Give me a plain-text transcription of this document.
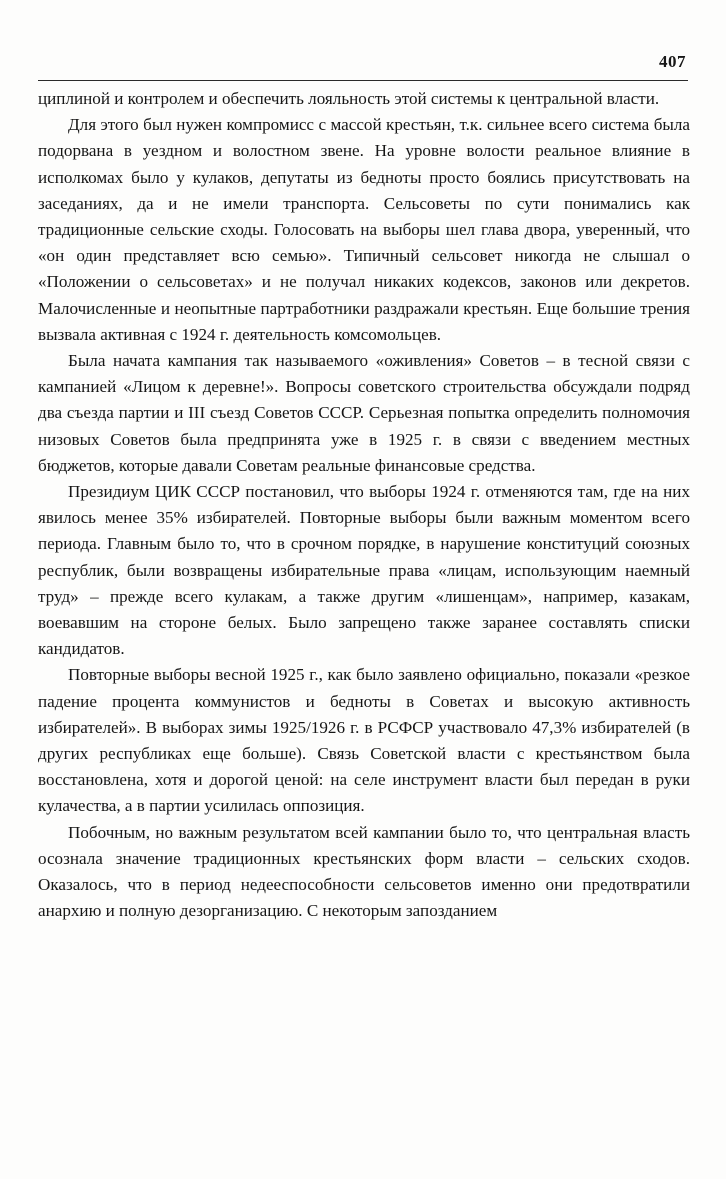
407

циплиной и контролем и обеспечить лояльность этой системы к центральной власти.

Для этого был нужен компромисс с массой крестьян, т.к. сильнее всего система была подорвана в уездном и волостном звене. На уровне волости реальное влияние в исполкомах было у кулаков, депутаты из бедноты просто боялись присутствовать на заседаниях, да и не имели транспорта. Сельсоветы по сути понимались как традиционные сельские сходы. Голосовать на выборы шел глава двора, уверенный, что «он один представляет всю семью». Типичный сельсовет никогда не слышал о «Положении о сельсоветах» и не получал никаких кодексов, законов или декретов. Малочисленные и неопытные партработники раздражали крестьян. Еще большие трения вызвала активная с 1924 г. деятельность комсомольцев.

Была начата кампания так называемого «оживления» Советов – в тесной связи с кампанией «Лицом к деревне!». Вопросы советского строительства обсуждали подряд два съезда партии и III съезд Советов СССР. Серьезная попытка определить полномочия низовых Советов была предпринята уже в 1925 г. в связи с введением местных бюджетов, которые давали Советам реальные финансовые средства.

Президиум ЦИК СССР постановил, что выборы 1924 г. отменяются там, где на них явилось менее 35% избирателей. Повторные выборы были важным моментом всего периода. Главным было то, что в срочном порядке, в нарушение конституций союзных республик, были возвращены избирательные права «лицам, использующим наемный труд» – прежде всего кулакам, а также другим «лишенцам», например, казакам, воевавшим на стороне белых. Было запрещено также заранее составлять списки кандидатов.

Повторные выборы весной 1925 г., как было заявлено официально, показали «резкое падение процента коммунистов и бедноты в Советах и высокую активность избирателей». В выборах зимы 1925/1926 г. в РСФСР участвовало 47,3% избирателей (в других республиках еще больше). Связь Советской власти с крестьянством была восстановлена, хотя и дорогой ценой: на селе инструмент власти был передан в руки кулачества, а в партии усилилась оппозиция.

Побочным, но важным результатом всей кампании было то, что центральная власть осознала значение традиционных крестьянских форм власти – сельских сходов. Оказалось, что в период недееспособности сельсоветов именно они предотвратили анархию и полную дезорганизацию. С некоторым запозданием
